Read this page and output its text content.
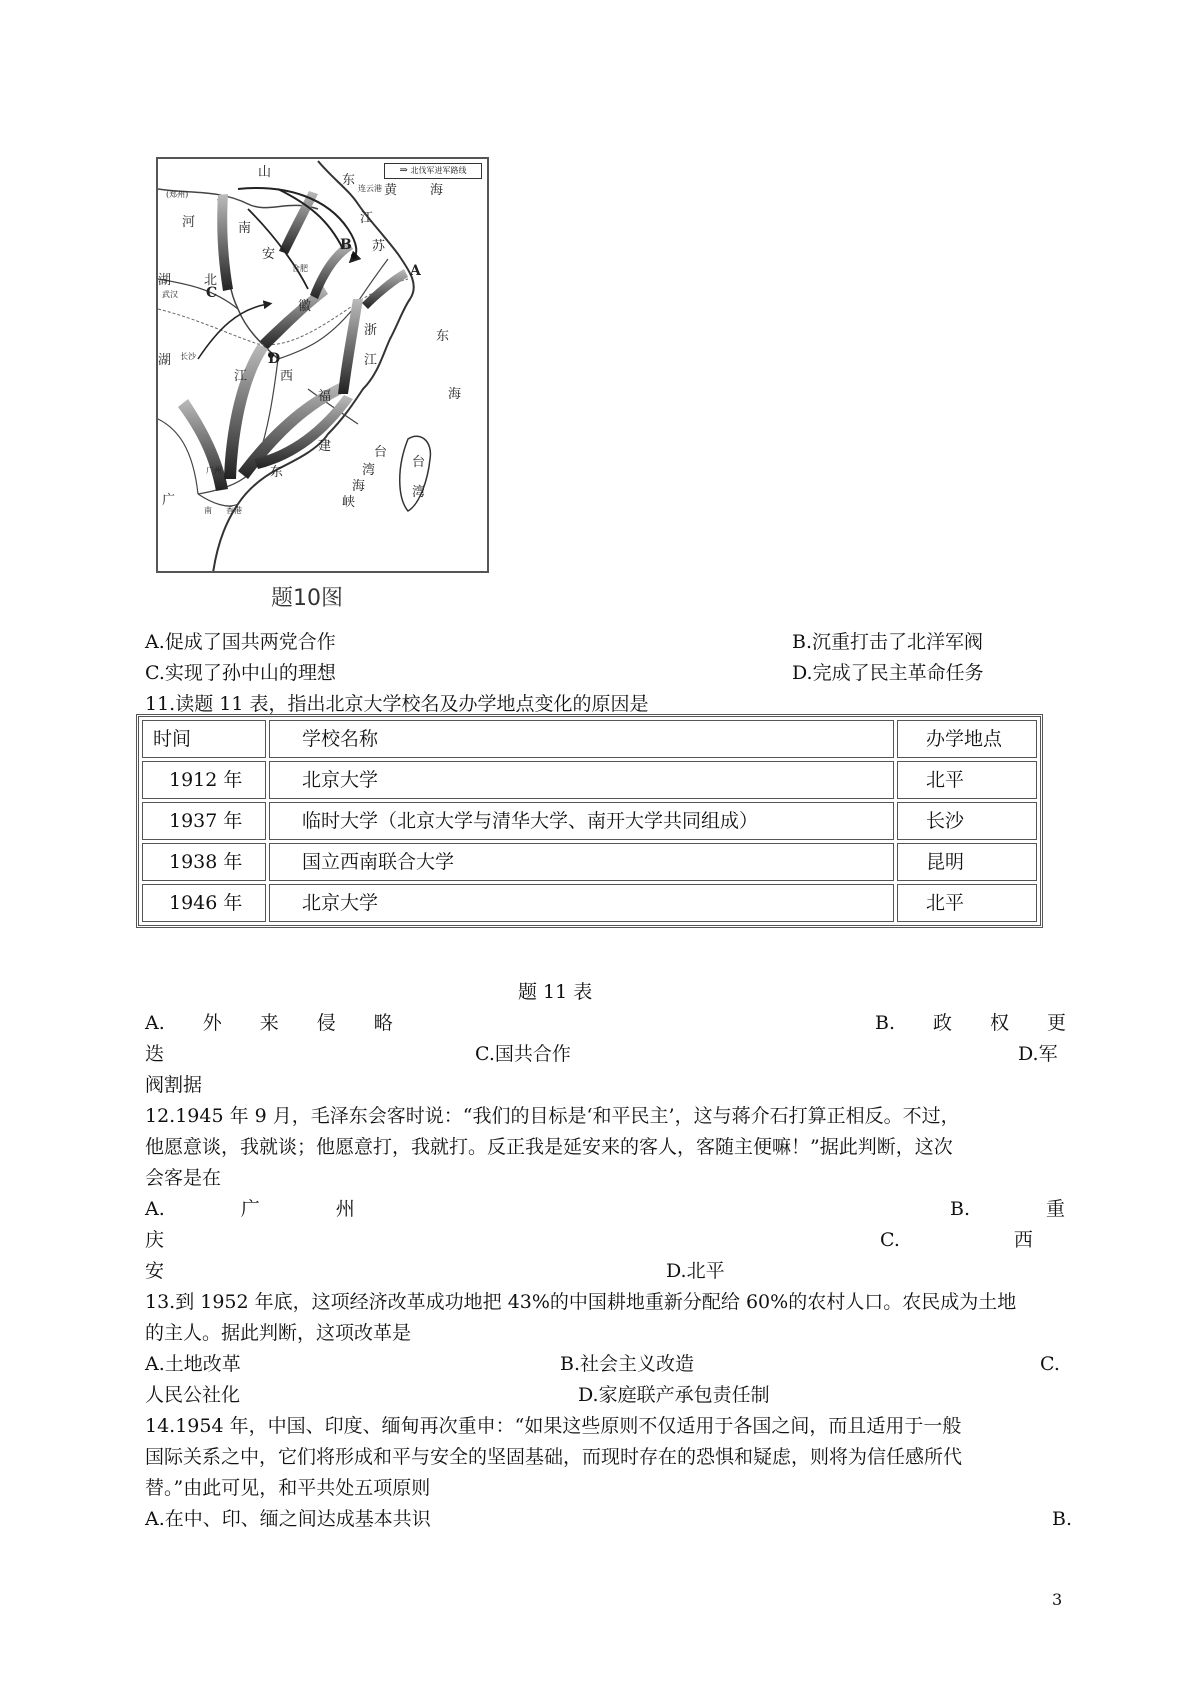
⇒ 北伐军进军路线
山
东
连云港 黄	海
(郑州)
河	南
江
苏
安
合肥
湖	北
武汉
徽
湖 长沙
江	西
浙
江
福
建
东
海
台
湾
海
峡
台
湾
广州	东
广
南 香港
A
B
C
D
题10图
A.促成了国共两党合作	B.沉重打击了北洋军阀
C.实现了孙中山的理想	D.完成了民主革命任务
11.读题 11 表，指出北京大学校名及办学地点变化的原因是
时间	学校名称	办学地点
1912 年	北京大学	北平
1937 年	临时大学（北京大学与清华大学、南开大学共同组成）	长沙
1938 年	国立西南联合大学	昆明
1946 年	北京大学	北平
题 11 表
A.　　外　　来　　侵　　略	B.　　政　　权　　更
迭	C.国共合作	D.军
阀割据
12.1945 年 9 月，毛泽东会客时说：“我们的目标是‘和平民主’，这与蒋介石打算正相反。不过，
他愿意谈，我就谈；他愿意打，我就打。反正我是延安来的客人，客随主便嘛！”据此判断，这次
会客是在
A.　　　　广　　　　州	B.　　　　重
庆	C.　　　　　　西
安	D.北平
13.到 1952 年底，这项经济改革成功地把 43%的中国耕地重新分配给 60%的农村人口。农民成为土地
的主人。据此判断，这项改革是
A.土地改革	B.社会主义改造	C.
人民公社化	D.家庭联产承包责任制
14.1954 年，中国、印度、缅甸再次重申：“如果这些原则不仅适用于各国之间，而且适用于一般
国际关系之中，它们将形成和平与安全的坚固基础，而现时存在的恐惧和疑虑，则将为信任感所代
替。”由此可见，和平共处五项原则
A.在中、印、缅之间达成基本共识	B.
3
